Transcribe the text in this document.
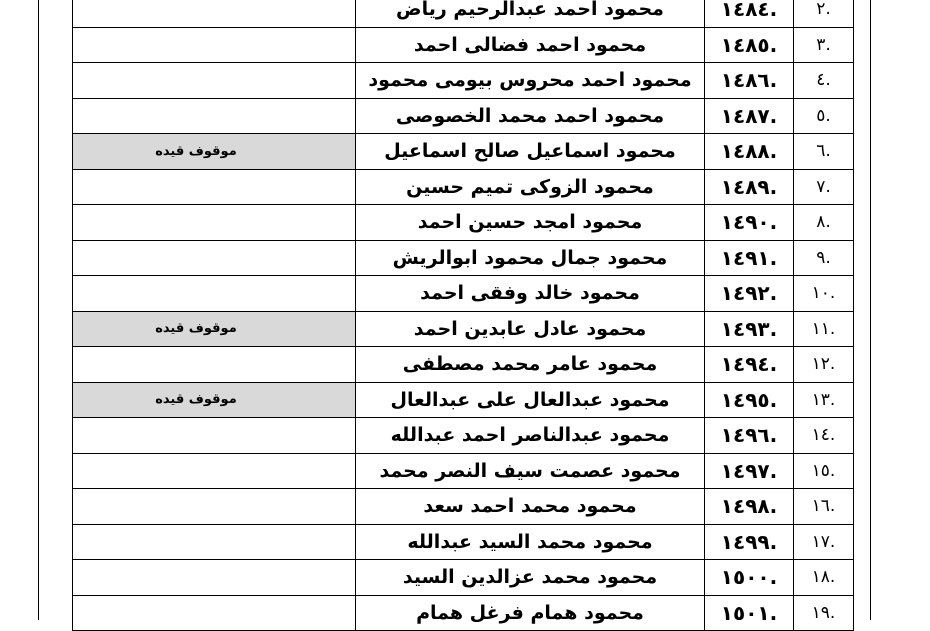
.٢	.١٤٨٤	محمود احمد عبدالرحيم رياض	
.٣	.١٤٨٥	محمود احمد فضالى احمد	
.٤	.١٤٨٦	محمود احمد محروس بيومى محمود	
.٥	.١٤٨٧	محمود احمد محمد الخصوصى	
.٦	.١٤٨٨	محمود اسماعيل صالح اسماعيل	موقوف قيده
.٧	.١٤٨٩	محمود الزوكى تميم حسين	
.٨	.١٤٩٠	محمود امجد حسين احمد	
.٩	.١٤٩١	محمود جمال محمود ابوالريش	
.١٠	.١٤٩٢	محمود خالد وفقى احمد	
.١١	.١٤٩٣	محمود عادل عابدين احمد	موقوف قيده
.١٢	.١٤٩٤	محمود عامر محمد مصطفى	
.١٣	.١٤٩٥	محمود عبدالعال على عبدالعال	موقوف قيده
.١٤	.١٤٩٦	محمود عبدالناصر احمد عبدالله	
.١٥	.١٤٩٧	محمود عصمت سيف النصر محمد	
.١٦	.١٤٩٨	محمود محمد احمد سعد	
.١٧	.١٤٩٩	محمود محمد السيد عبدالله	
.١٨	.١٥٠٠	محمود محمد عزالدين السيد	
.١٩	.١٥٠١	محمود همام فرغل همام	
